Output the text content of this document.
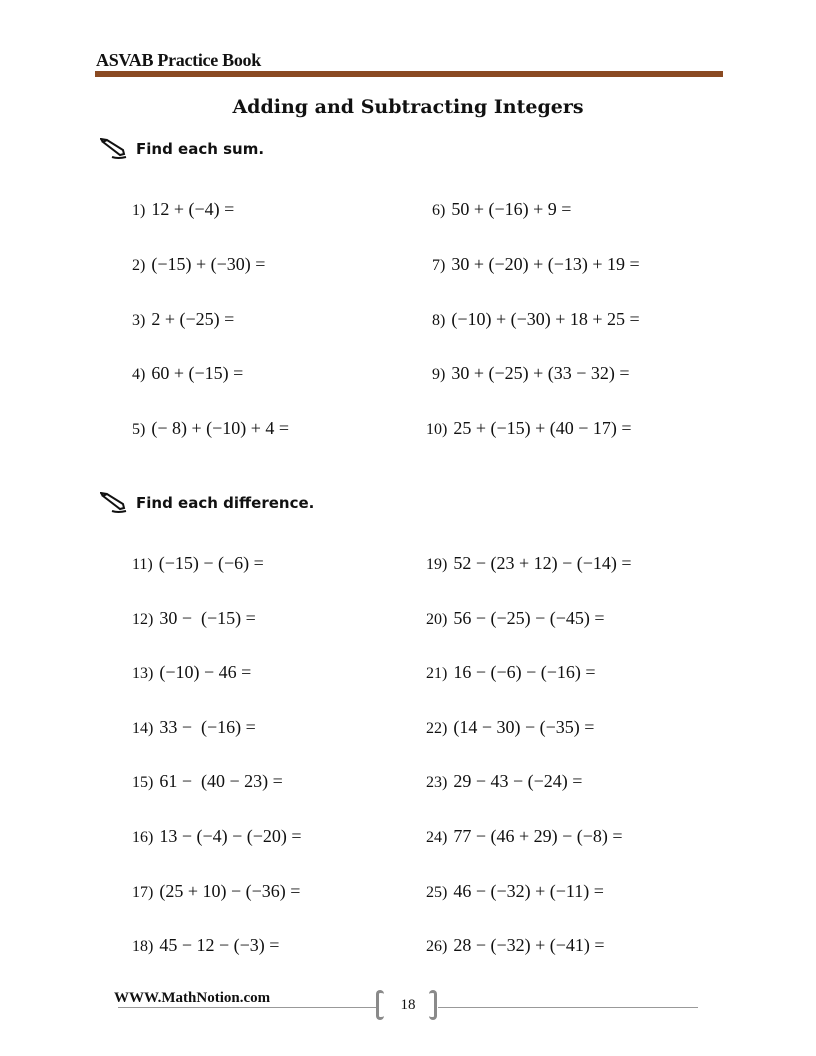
ASVAB Practice Book
Adding and Subtracting Integers
Find each sum.
1) 12 + (−4) =
2) (−15) + (−30) =
3) 2 + (−25) =
4) 60 + (−15) =
5) (− 8) + (−10) + 4 =
6) 50 + (−16) + 9 =
7) 30 + (−20) + (−13) + 19 =
8) (−10) + (−30) + 18 + 25 =
9) 30 + (−25) + (33 − 32) =
10) 25 + (−15) + (40 − 17) =
Find each difference.
11) (−15) − (−6) =
12) 30 −  (−15) =
13) (−10) − 46 =
14) 33 −  (−16) =
15) 61 −  (40 − 23) =
16) 13 − (−4) − (−20) =
17) (25 + 10) − (−36) =
18) 45 − 12 − (−3) =
19) 52 − (23 + 12) − (−14) =
20) 56 − (−25) − (−45) =
21) 16 − (−6) − (−16) =
22) (14 − 30) − (−35) =
23) 29 − 43 − (−24) =
24) 77 − (46 + 29) − (−8) =
25) 46 − (−32) + (−11) =
26) 28 − (−32) + (−41) =
WWW.MathNotion.com	18
